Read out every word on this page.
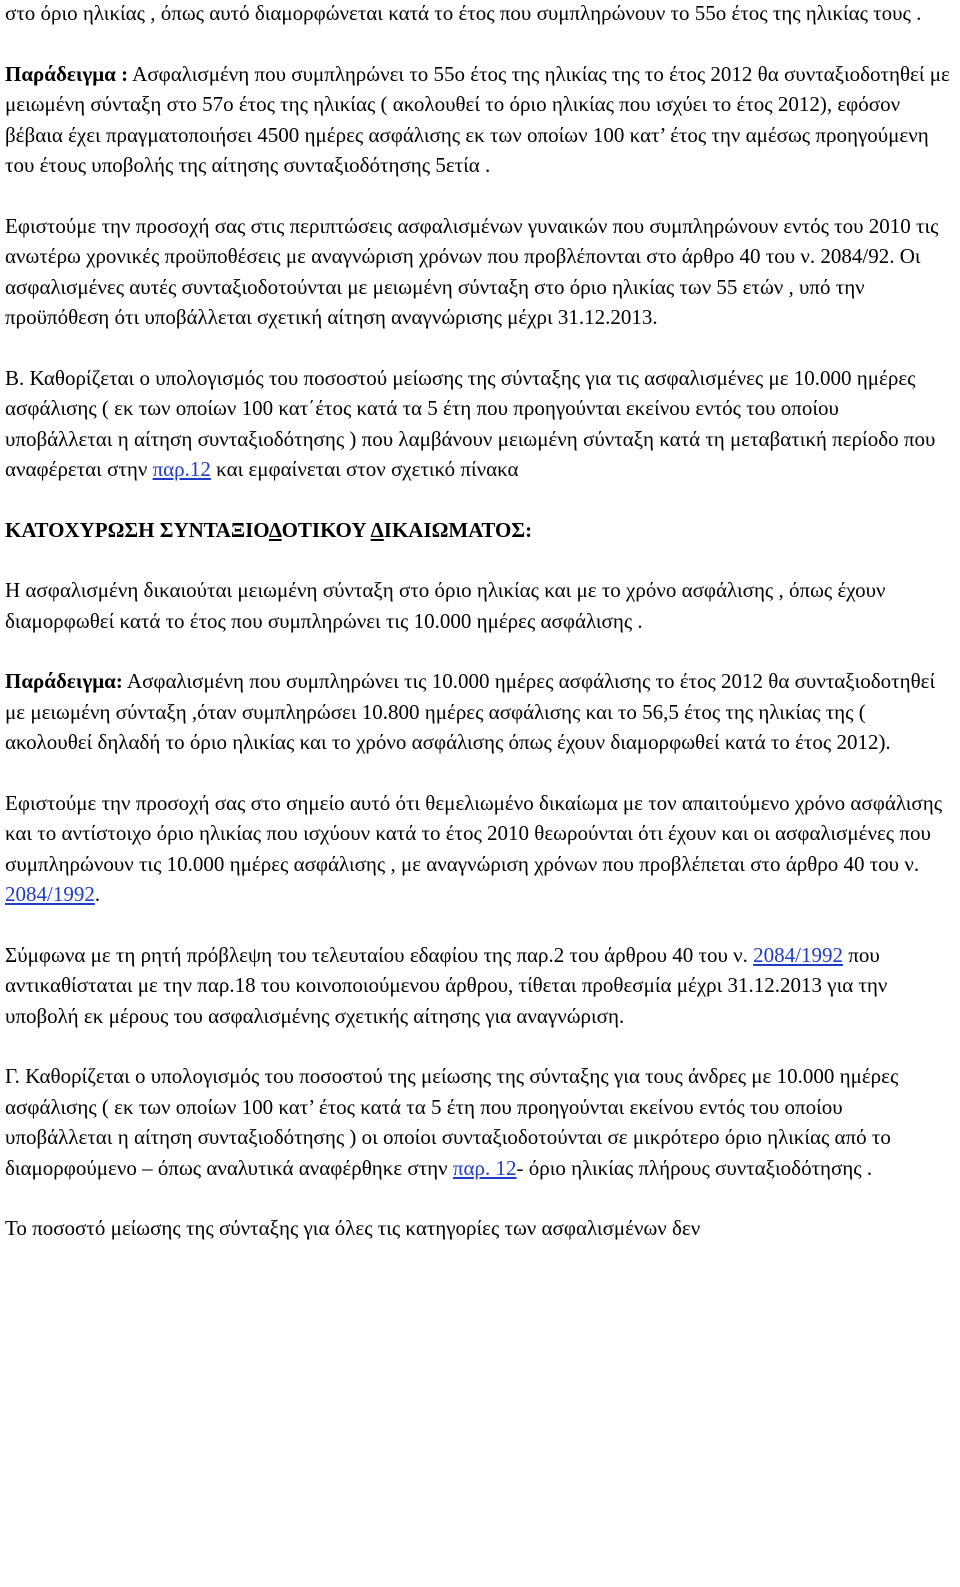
στο όριο ηλικίας , όπως αυτό διαμορφώνεται κατά το έτος που συμπληρώνουν το 55ο έτος της ηλικίας τους .

Παράδειγμα : Ασφαλισμένη που συμπληρώνει το 55ο έτος της ηλικίας της το έτος 2012 θα συνταξιοδοτηθεί με μειωμένη σύνταξη στο 57ο έτος της ηλικίας ( ακολουθεί το όριο ηλικίας που ισχύει το έτος 2012), εφόσον βέβαια έχει πραγματοποιήσει 4500 ημέρες ασφάλισης εκ των οποίων 100 κατ’ έτος την αμέσως προηγούμενη του έτους υποβολής της αίτησης συνταξιοδότησης 5ετία .

Εφιστούμε την προσοχή σας στις περιπτώσεις ασφαλισμένων γυναικών που συμπληρώνουν εντός του 2010 τις ανωτέρω χρονικές προϋποθέσεις με αναγνώριση χρόνων που προβλέπονται στο άρθρο 40 του ν. 2084/92. Οι ασφαλισμένες αυτές συνταξιοδοτούνται με μειωμένη σύνταξη στο όριο ηλικίας των 55 ετών , υπό την προϋπόθεση ότι υποβάλλεται σχετική αίτηση αναγνώρισης μέχρι 31.12.2013.

Β. Καθορίζεται ο υπολογισμός του ποσοστού μείωσης της σύνταξης για τις ασφαλισμένες με 10.000 ημέρες ασφάλισης ( εκ των οποίων 100 κατ΄έτος κατά τα 5 έτη που προηγούνται εκείνου εντός του οποίου υποβάλλεται η αίτηση συνταξιοδότησης ) που λαμβάνουν μειωμένη σύνταξη κατά τη μεταβατική περίοδο που αναφέρεται στην παρ.12 και εμφαίνεται στον σχετικό πίνακα

ΚΑΤΟΧΥΡΩΣΗ ΣΥΝΤΑΞΙΟΔΟΤΙΚΟΥ ΔΙΚΑΙΩΜΑΤΟΣ:

Η ασφαλισμένη δικαιούται μειωμένη σύνταξη στο όριο ηλικίας και με το χρόνο ασφάλισης , όπως έχουν διαμορφωθεί κατά το έτος που συμπληρώνει τις 10.000 ημέρες ασφάλισης .

Παράδειγμα: Ασφαλισμένη που συμπληρώνει τις 10.000 ημέρες ασφάλισης το έτος 2012 θα συνταξιοδοτηθεί με μειωμένη σύνταξη ,όταν συμπληρώσει 10.800 ημέρες ασφάλισης και το 56,5 έτος της ηλικίας της ( ακολουθεί δηλαδή το όριο ηλικίας και το χρόνο ασφάλισης όπως έχουν διαμορφωθεί κατά το έτος 2012).

Εφιστούμε την προσοχή σας στο σημείο αυτό ότι θεμελιωμένο δικαίωμα με τον απαιτούμενο χρόνο ασφάλισης και το αντίστοιχο όριο ηλικίας που ισχύουν κατά το έτος 2010 θεωρούνται ότι έχουν και οι ασφαλισμένες που συμπληρώνουν τις 10.000 ημέρες ασφάλισης , με αναγνώριση χρόνων που προβλέπεται στο άρθρο 40 του ν. 2084/1992.

Σύμφωνα με τη ρητή πρόβλεψη του τελευταίου εδαφίου της παρ.2 του άρθρου 40 του ν. 2084/1992 που αντικαθίσταται με την παρ.18 του κοινοποιούμενου άρθρου, τίθεται προθεσμία μέχρι 31.12.2013 για την υποβολή εκ μέρους του ασφαλισμένης σχετικής αίτησης για αναγνώριση.

Γ. Καθορίζεται ο υπολογισμός του ποσοστού της μείωσης της σύνταξης για τους άνδρες με 10.000 ημέρες ασφάλισης ( εκ των οποίων 100 κατ’ έτος κατά τα 5 έτη που προηγούνται εκείνου εντός του οποίου υποβάλλεται η αίτηση συνταξιοδότησης ) οι οποίοι συνταξιοδοτούνται σε μικρότερο όριο ηλικίας από το διαμορφούμενο – όπως αναλυτικά αναφέρθηκε στην παρ. 12- όριο ηλικίας πλήρους συνταξιοδότησης .

Το ποσοστό μείωσης της σύνταξης για όλες τις κατηγορίες των ασφαλισμένων δεν
